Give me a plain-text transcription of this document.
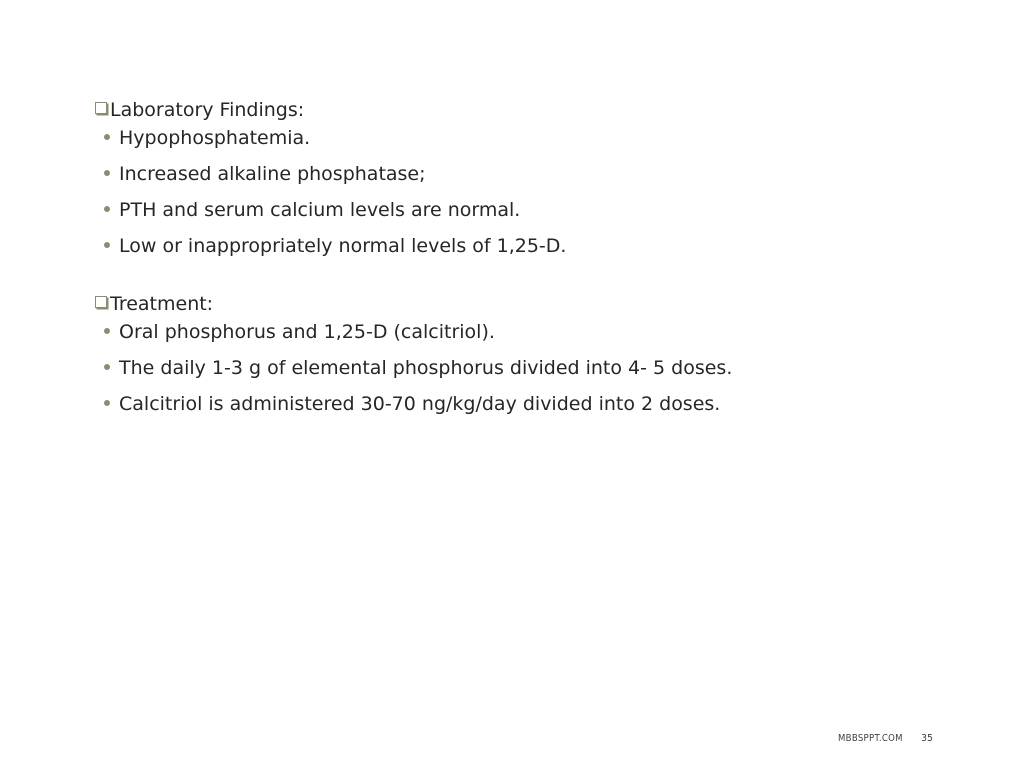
Laboratory Findings:
Hypophosphatemia.
Increased alkaline phosphatase;
PTH and serum calcium levels are normal.
Low or inappropriately normal levels of 1,25-D.
Treatment:
Oral phosphorus and 1,25-D (calcitriol).
The daily 1-3 g of elemental phosphorus divided into 4- 5 doses.
Calcitriol is administered 30-70 ng/kg/day divided into 2 doses.
MBBSPPT.COM 35
